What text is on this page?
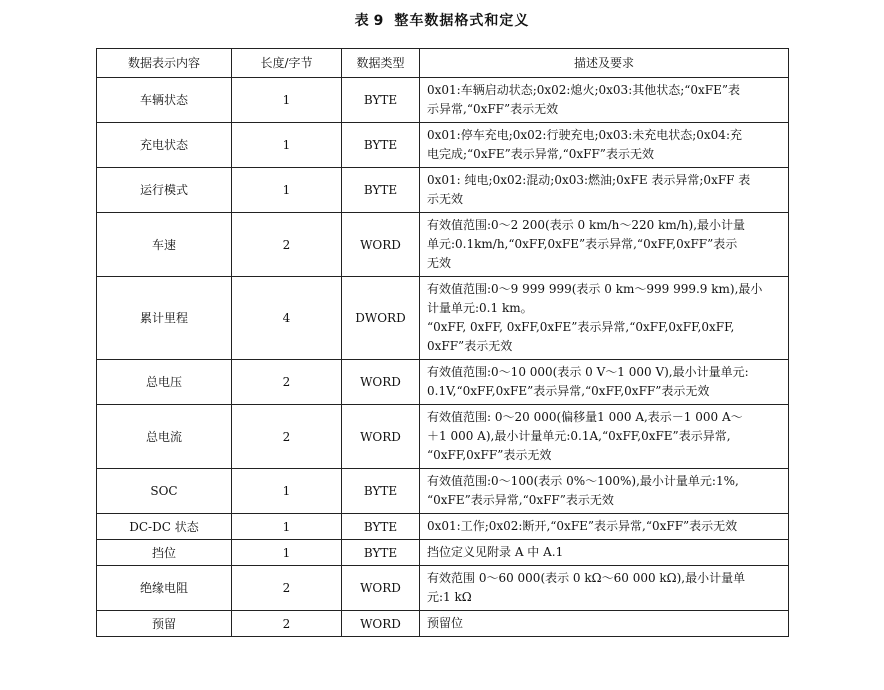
表 9 整车数据格式和定义
数据表示内容	长度/字节	数据类型	描述及要求
车辆状态	1	BYTE	0x01:车辆启动状态;0x02:熄火;0x03:其他状态;“0xFE”表
示异常,“0xFF”表示无效

充电状态	1	BYTE	0x01:停车充电;0x02:行驶充电;0x03:未充电状态;0x04:充
电完成;“0xFE”表示异常,“0xFF”表示无效

运行模式	1	BYTE	0x01: 纯电;0x02:混动;0x03:燃油;0xFE 表示异常;0xFF 表
示无效

车速	2	WORD	有效值范围:0～2 200(表示 0 km/h～220 km/h),最小计量
单元:0.1km/h,“0xFF,0xFE”表示异常,“0xFF,0xFF”表示
无效

累计里程	4	DWORD	有效值范围:0～9 999 999(表示 0 km～999 999.9 km),最小
计量单元:0.1 km。
“0xFF, 0xFF, 0xFF,0xFE”表示异常,“0xFF,0xFF,0xFF,
0xFF”表示无效

总电压	2	WORD	有效值范围:0～10 000(表示 0 V～1 000 V),最小计量单元:
0.1V,“0xFF,0xFE”表示异常,“0xFF,0xFF”表示无效

总电流	2	WORD	有效值范围: 0～20 000(偏移量1 000 A,表示－1 000 A～
＋1 000 A),最小计量单元:0.1A,“0xFF,0xFE”表示异常,
“0xFF,0xFF”表示无效

SOC	1	BYTE	有效值范围:0～100(表示 0%～100%),最小计量单元:1%,
“0xFE”表示异常,“0xFF”表示无效

DC-DC 状态	1	BYTE	0x01:工作;0x02:断开,“0xFE”表示异常,“0xFF”表示无效

挡位	1	BYTE	挡位定义见附录 A 中 A.1

绝缘电阻	2	WORD	有效范围 0～60 000(表示 0 kΩ～60 000 kΩ),最小计量单
元:1 kΩ

预留	2	WORD	预留位
